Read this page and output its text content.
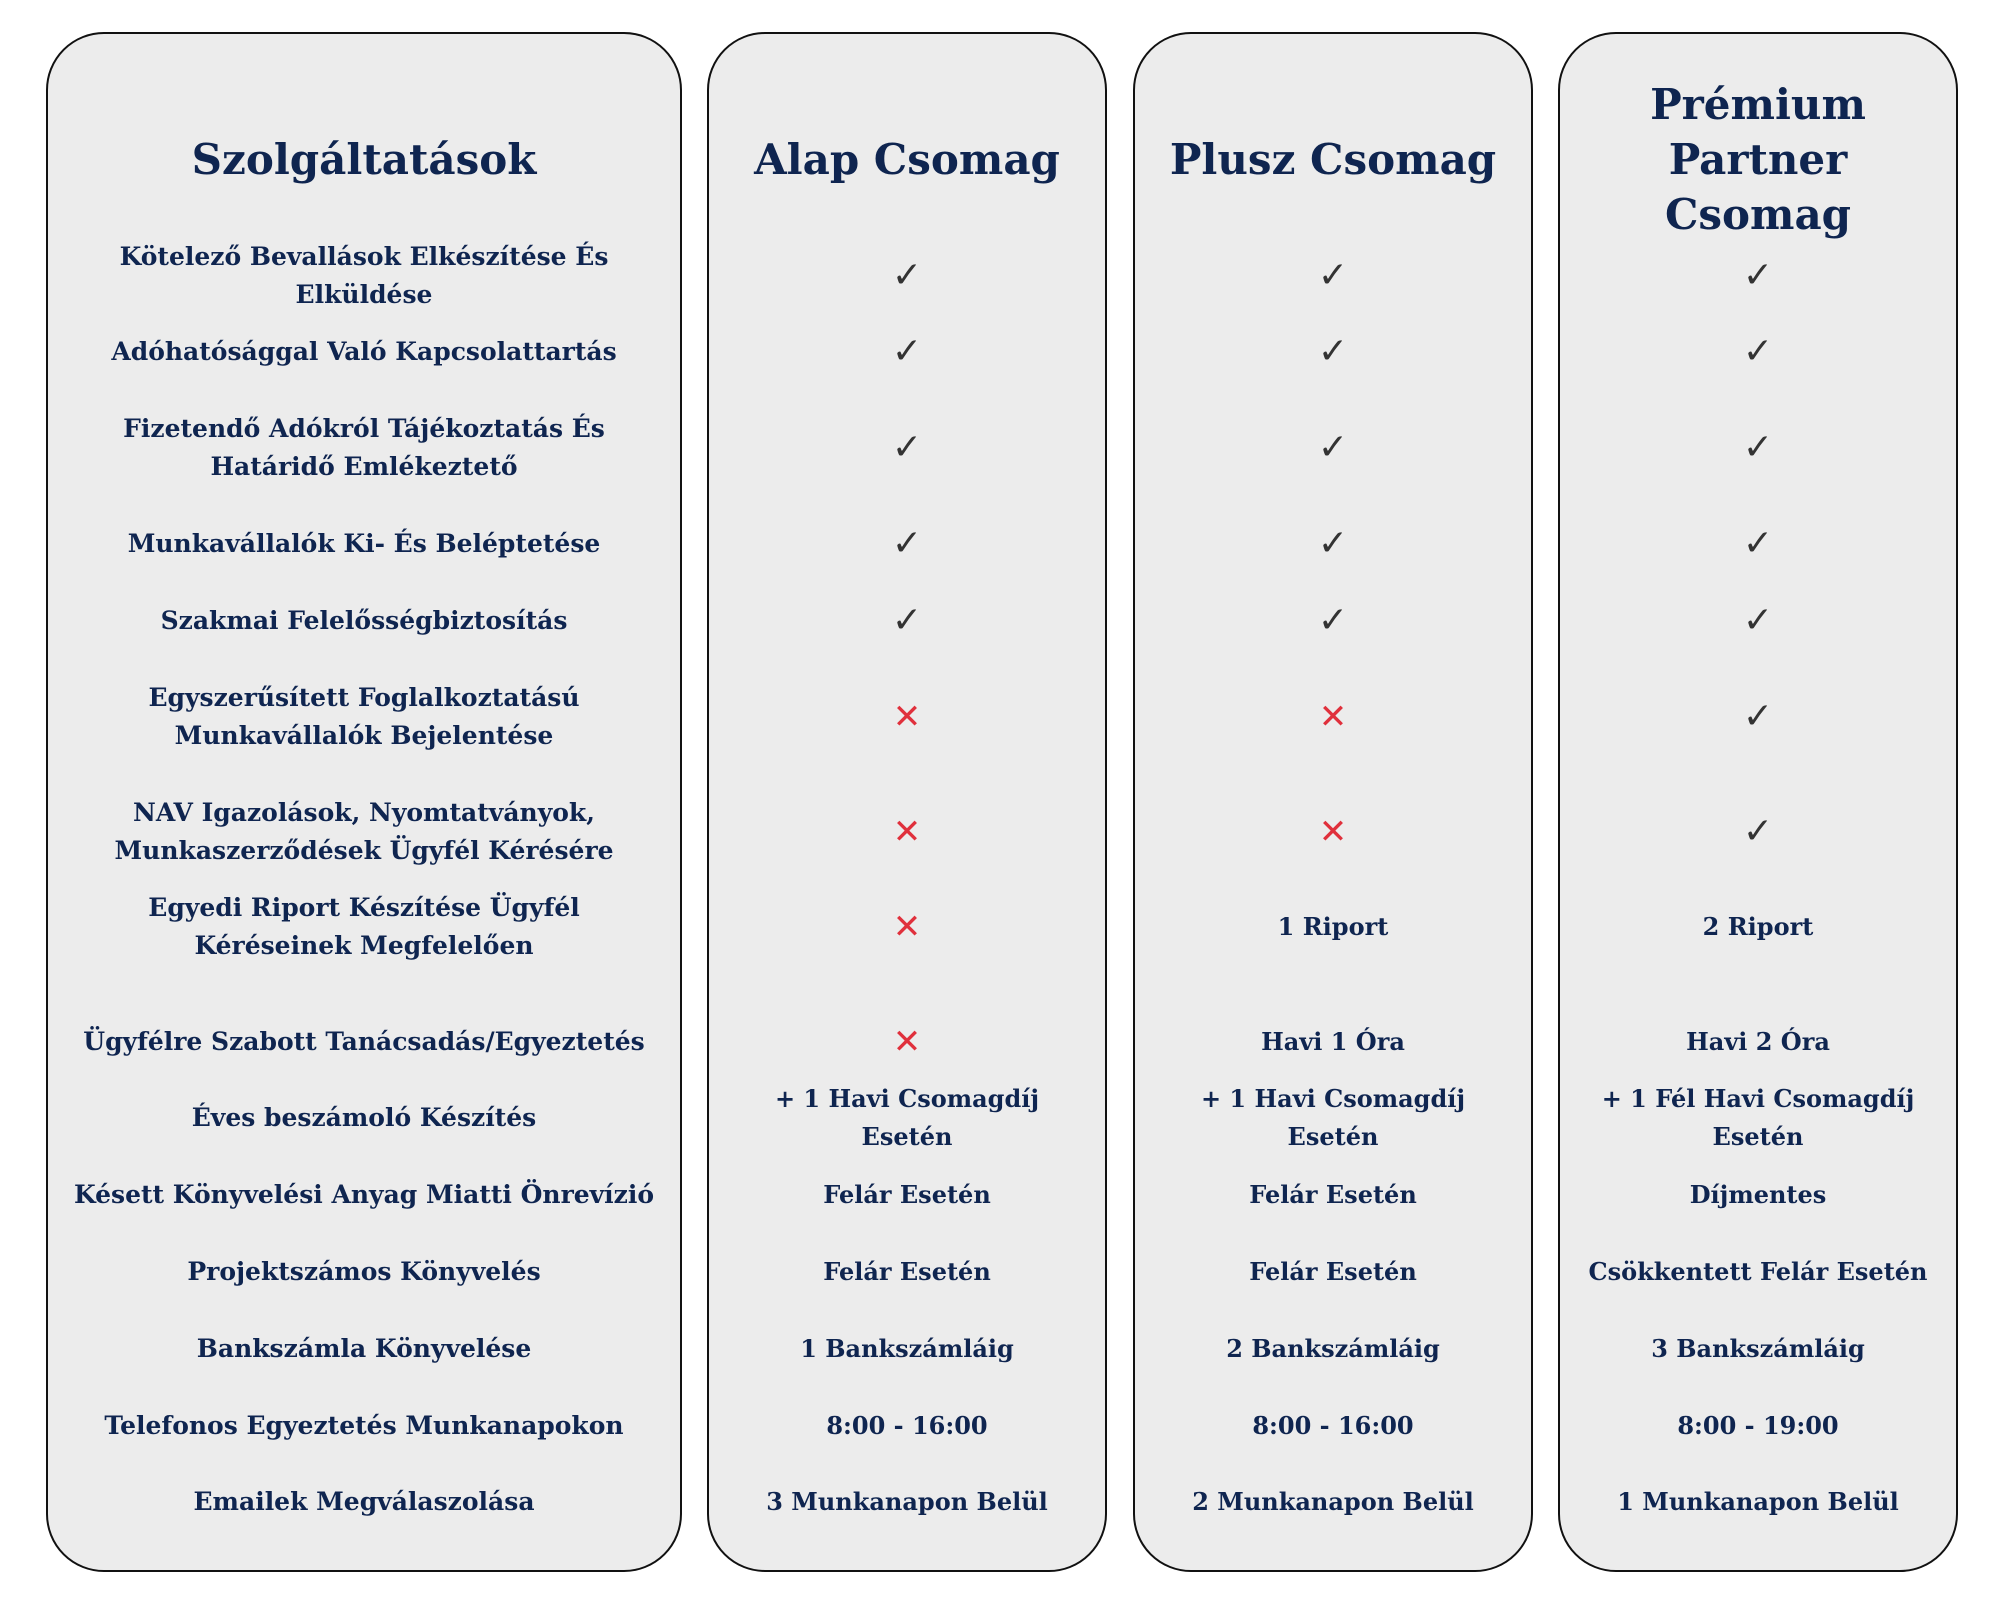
Szolgáltatások
Kötelező Bevallások Elkészítése És Elküldése
Adóhatósággal Való Kapcsolattartás
Fizetendő Adókról Tájékoztatás És Határidő Emlékeztető
Munkavállalók Ki- És Beléptetése
Szakmai Felelősségbiztosítás
Egyszerűsített Foglalkoztatású Munkavállalók Bejelentése
NAV Igazolások, Nyomtatványok, Munkaszerződések Ügyfél Kérésére
Egyedi Riport Készítése Ügyfél Kéréseinek Megfelelően
Ügyfélre Szabott Tanácsadás/Egyeztetés
Éves beszámoló Készítés
Késett Könyvelési Anyag Miatti Önrevízió
Projektszámos Könyvelés
Bankszámla Könyvelése
Telefonos Egyeztetés Munkanapokon
Emailek Megválaszolása
Alap Csomag
✓
✓
✓
✓
✓
✕
✕
✕
✕
+ 1 Havi Csomagdíj Esetén
Felár Esetén
Felár Esetén
1 Bankszámláig
8:00 - 16:00
3 Munkanapon Belül
Plusz Csomag
✓
✓
✓
✓
✓
✕
✕
1 Riport
Havi 1 Óra
+ 1 Havi Csomagdíj Esetén
Felár Esetén
Felár Esetén
2 Bankszámláig
8:00 - 16:00
2 Munkanapon Belül
Prémium Partner Csomag
✓
✓
✓
✓
✓
✓
✓
2 Riport
Havi 2 Óra
+ 1 Fél Havi Csomagdíj Esetén
Díjmentes
Csökkentett Felár Esetén
3 Bankszámláig
8:00 - 19:00
1 Munkanapon Belül
